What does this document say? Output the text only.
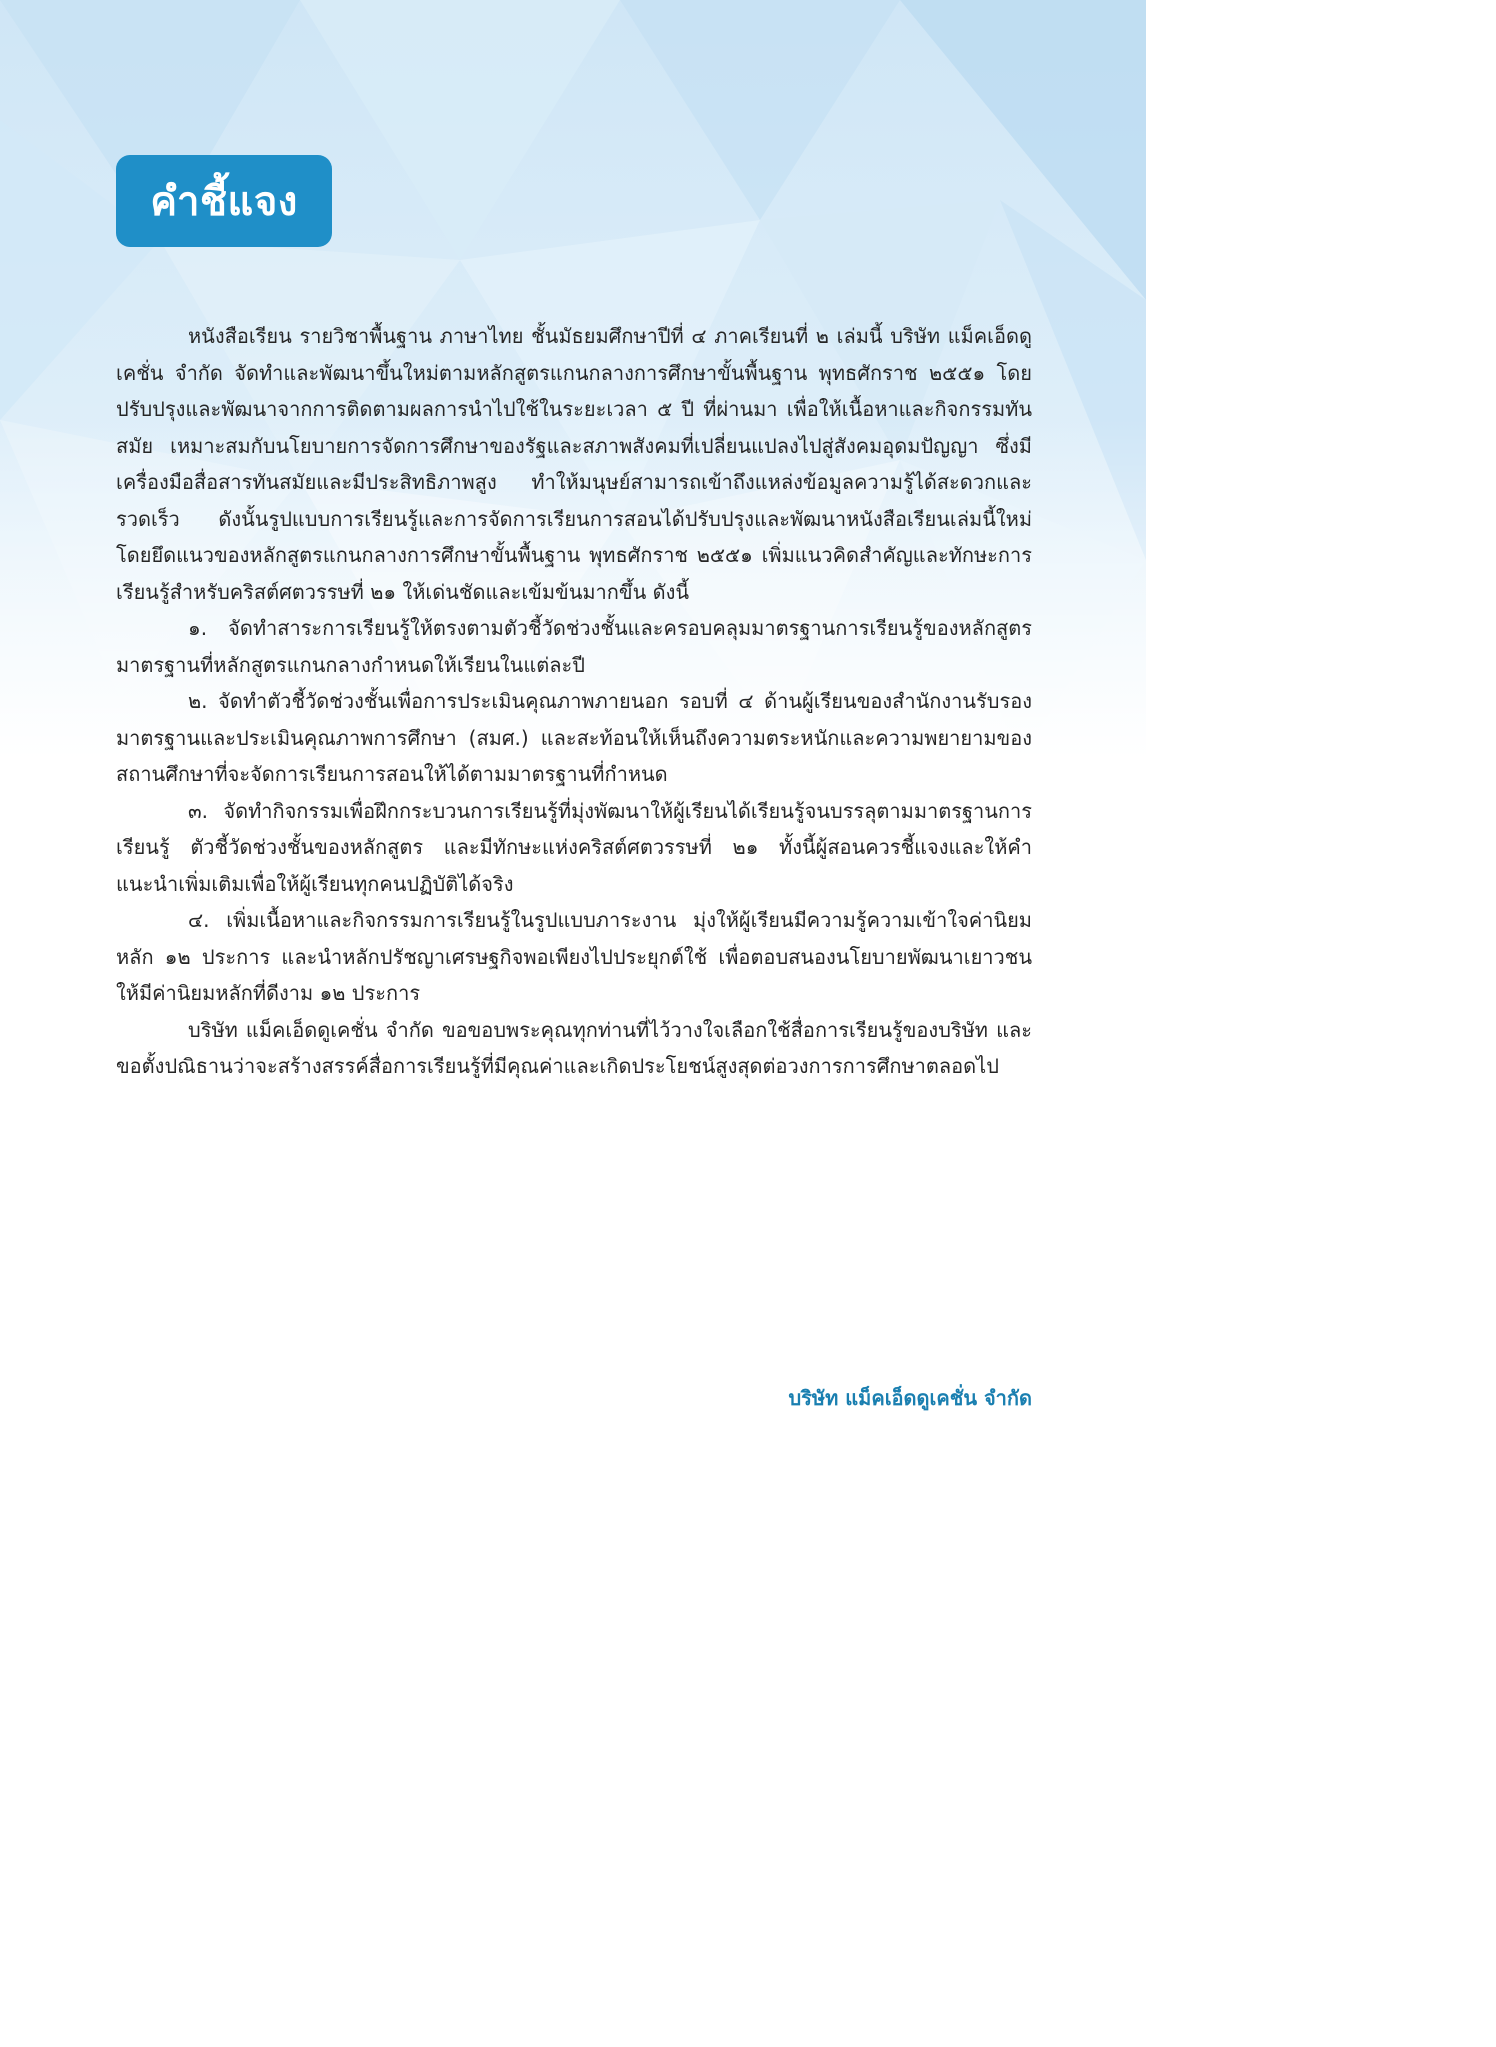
คำชี้แจง

หนังสือเรียน รายวิชาพื้นฐาน ภาษาไทย ชั้นมัธยมศึกษาปีที่ ๔ ภาคเรียนที่ ๒ เล่มนี้ บริษัท แม็คเอ็ดดูเคชั่น จำกัด จัดทำและพัฒนาขึ้นใหม่ตามหลักสูตรแกนกลางการศึกษาขั้นพื้นฐาน พุทธศักราช ๒๕๕๑ โดยปรับปรุงและพัฒนาจากการติดตามผลการนำไปใช้ในระยะเวลา ๕ ปี ที่ผ่านมา เพื่อให้เนื้อหาและกิจกรรมทันสมัย เหมาะสมกับนโยบายการจัดการศึกษาของรัฐและสภาพสังคมที่เปลี่ยนแปลงไปสู่สังคมอุดมปัญญา ซึ่งมีเครื่องมือสื่อสารทันสมัยและมีประสิทธิภาพสูง ทำให้มนุษย์สามารถเข้าถึงแหล่งข้อมูลความรู้ได้สะดวกและรวดเร็ว ดังนั้นรูปแบบการเรียนรู้และการจัดการเรียนการสอนได้ปรับปรุงและพัฒนาหนังสือเรียนเล่มนี้ใหม่ โดยยึดแนวของหลักสูตรแกนกลางการศึกษาขั้นพื้นฐาน พุทธศักราช ๒๕๕๑ เพิ่มแนวคิดสำคัญและทักษะการเรียนรู้สำหรับคริสต์ศตวรรษที่ ๒๑ ให้เด่นชัดและเข้มข้นมากขึ้น ดังนี้

๑. จัดทำสาระการเรียนรู้ให้ตรงตามตัวชี้วัดช่วงชั้นและครอบคลุมมาตรฐานการเรียนรู้ของหลักสูตรมาตรฐานที่หลักสูตรแกนกลางกำหนดให้เรียนในแต่ละปี

๒. จัดทำตัวชี้วัดช่วงชั้นเพื่อการประเมินคุณภาพภายนอก รอบที่ ๔ ด้านผู้เรียนของสำนักงานรับรองมาตรฐานและประเมินคุณภาพการศึกษา (สมศ.) และสะท้อนให้เห็นถึงความตระหนักและความพยายามของสถานศึกษาที่จะจัดการเรียนการสอนให้ได้ตามมาตรฐานที่กำหนด

๓. จัดทำกิจกรรมเพื่อฝึกกระบวนการเรียนรู้ที่มุ่งพัฒนาให้ผู้เรียนได้เรียนรู้จนบรรลุตามมาตรฐานการเรียนรู้ ตัวชี้วัดช่วงชั้นของหลักสูตร และมีทักษะแห่งคริสต์ศตวรรษที่ ๒๑ ทั้งนี้ผู้สอนควรชี้แจงและให้คำแนะนำเพิ่มเติมเพื่อให้ผู้เรียนทุกคนปฏิบัติได้จริง

๔. เพิ่มเนื้อหาและกิจกรรมการเรียนรู้ในรูปแบบภาระงาน มุ่งให้ผู้เรียนมีความรู้ความเข้าใจค่านิยมหลัก ๑๒ ประการ และนำหลักปรัชญาเศรษฐกิจพอเพียงไปประยุกต์ใช้ เพื่อตอบสนองนโยบายพัฒนาเยาวชนให้มีค่านิยมหลักที่ดีงาม ๑๒ ประการ

บริษัท แม็คเอ็ดดูเคชั่น จำกัด ขอขอบพระคุณทุกท่านที่ไว้วางใจเลือกใช้สื่อการเรียนรู้ของบริษัท และขอตั้งปณิธานว่าจะสร้างสรรค์สื่อการเรียนรู้ที่มีคุณค่าและเกิดประโยชน์สูงสุดต่อวงการการศึกษาตลอดไป

บริษัท แม็คเอ็ดดูเคชั่น จำกัด
